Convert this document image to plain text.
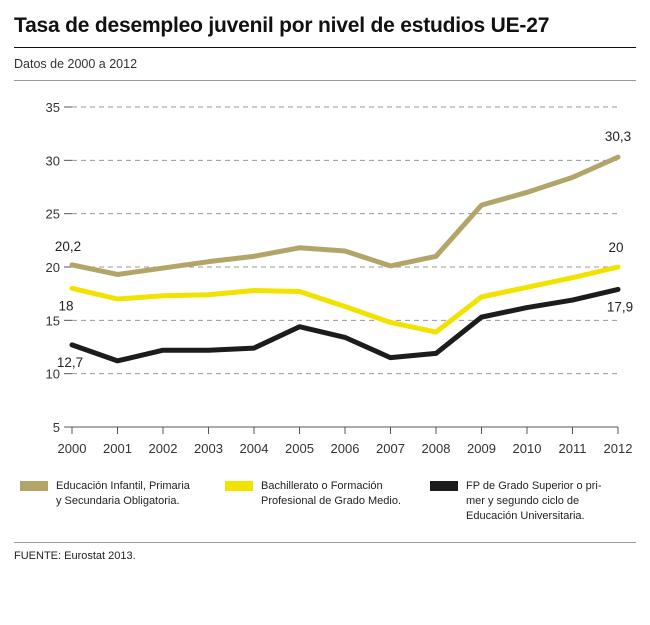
Tasa de desempleo juvenil por nivel de estudios UE-27
Datos de 2000 a 2012
5
10
15
20
25
30
35
2000 2001 2002 2003 2004 2005 2006 2007 2008 2009 2010 2011 2012
20,2
30,3
18
20
12,7
17,9
Educación Infantil, Primaria
y Secundaria Obligatoria.
Bachillerato o Formación
Profesional de Grado Medio.
FP de Grado Superior o pri-
mer y segundo ciclo de
Educación Universitaria.
FUENTE: Eurostat 2013.
